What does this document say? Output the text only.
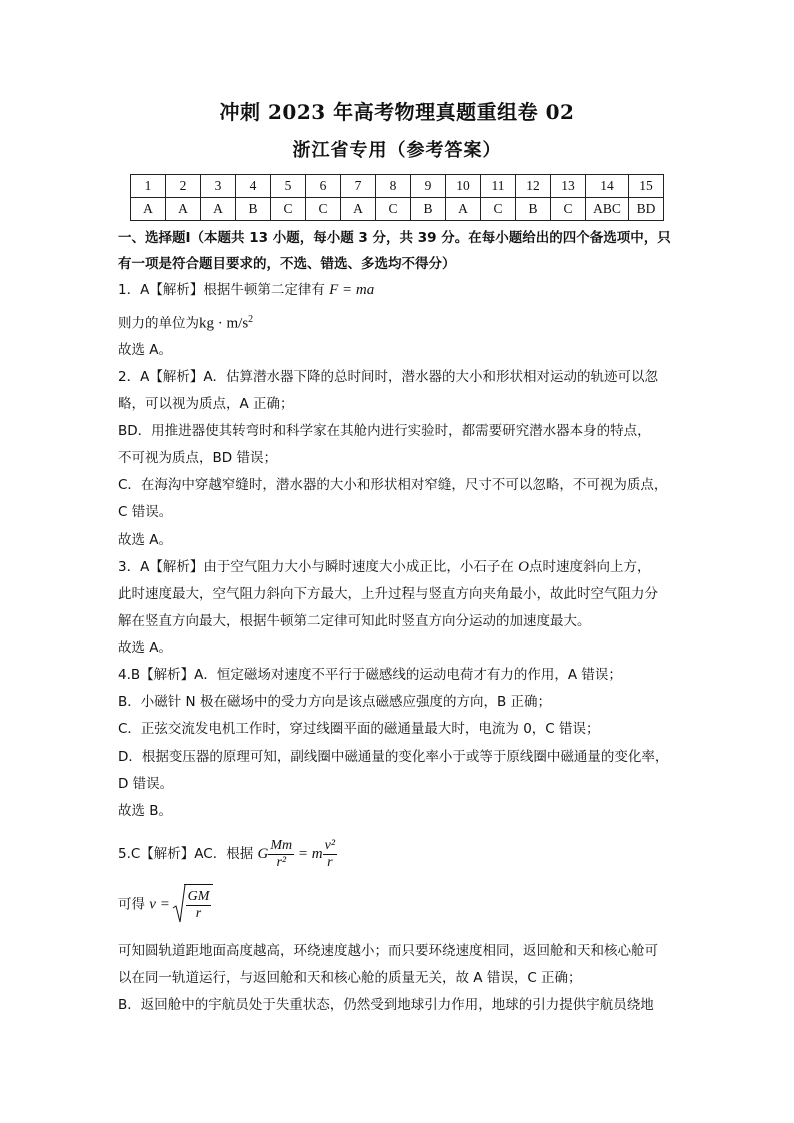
冲刺 2023 年高考物理真题重组卷 02
浙江省专用（参考答案）
1	2	3	4	5	6	7	8	9	10	11	12	13	14	15
A	A	A	B	C	C	A	C	B	A	C	B	C	ABC	BD
一、选择题Ⅰ（本题共 13 小题，每小题 3 分，共 39 分。在每小题给出的四个备选项中，只
有一项是符合题目要求的，不选、错选、多选均不得分）
1．A【解析】根据牛顿第二定律有 F = ma
则力的单位为kg · $m/s^2$
故选 A。
2．A【解析】A．估算潜水器下降的总时间时，潜水器的大小和形状相对运动的轨迹可以忽
略，可以视为质点，A 正确；
BD．用推进器使其转弯时和科学家在其舱内进行实验时，都需要研究潜水器本身的特点，
不可视为质点，BD 错误；
C．在海沟中穿越窄缝时，潜水器的大小和形状相对窄缝，尺寸不可以忽略，不可视为质点，
C 错误。
故选 A。
3．A【解析】由于空气阻力大小与瞬时速度大小成正比，小石子在 O点时速度斜向上方，
此时速度最大，空气阻力斜向下方最大，上升过程与竖直方向夹角最小，故此时空气阻力分
解在竖直方向最大，根据牛顿第二定律可知此时竖直方向分运动的加速度最大。
故选 A。
4.B【解析】A．恒定磁场对速度不平行于磁感线的运动电荷才有力的作用，A 错误；
B．小磁针 N 极在磁场中的受力方向是该点磁感应强度的方向，B 正确；
C．正弦交流发电机工作时，穿过线圈平面的磁通量最大时，电流为 0，C 错误；
D．根据变压器的原理可知，副线圈中磁通量的变化率小于或等于原线圈中磁通量的变化率，
D 错误。
故选 B。
5.C【解析】AC．根据 G $\frac{Mm}{\text{r²}} = m \frac{\text{v²}}{r}$
可得 $v = \frac{GM}{r}$
可知圆轨道距地面高度越高，环绕速度越小；而只要环绕速度相同，返回舱和天和核心舱可
以在同一轨道运行，与返回舱和天和核心舱的质量无关，故 A 错误，C 正确；
B．返回舱中的宇航员处于失重状态，仍然受到地球引力作用，地球的引力提供宇航员绕地
